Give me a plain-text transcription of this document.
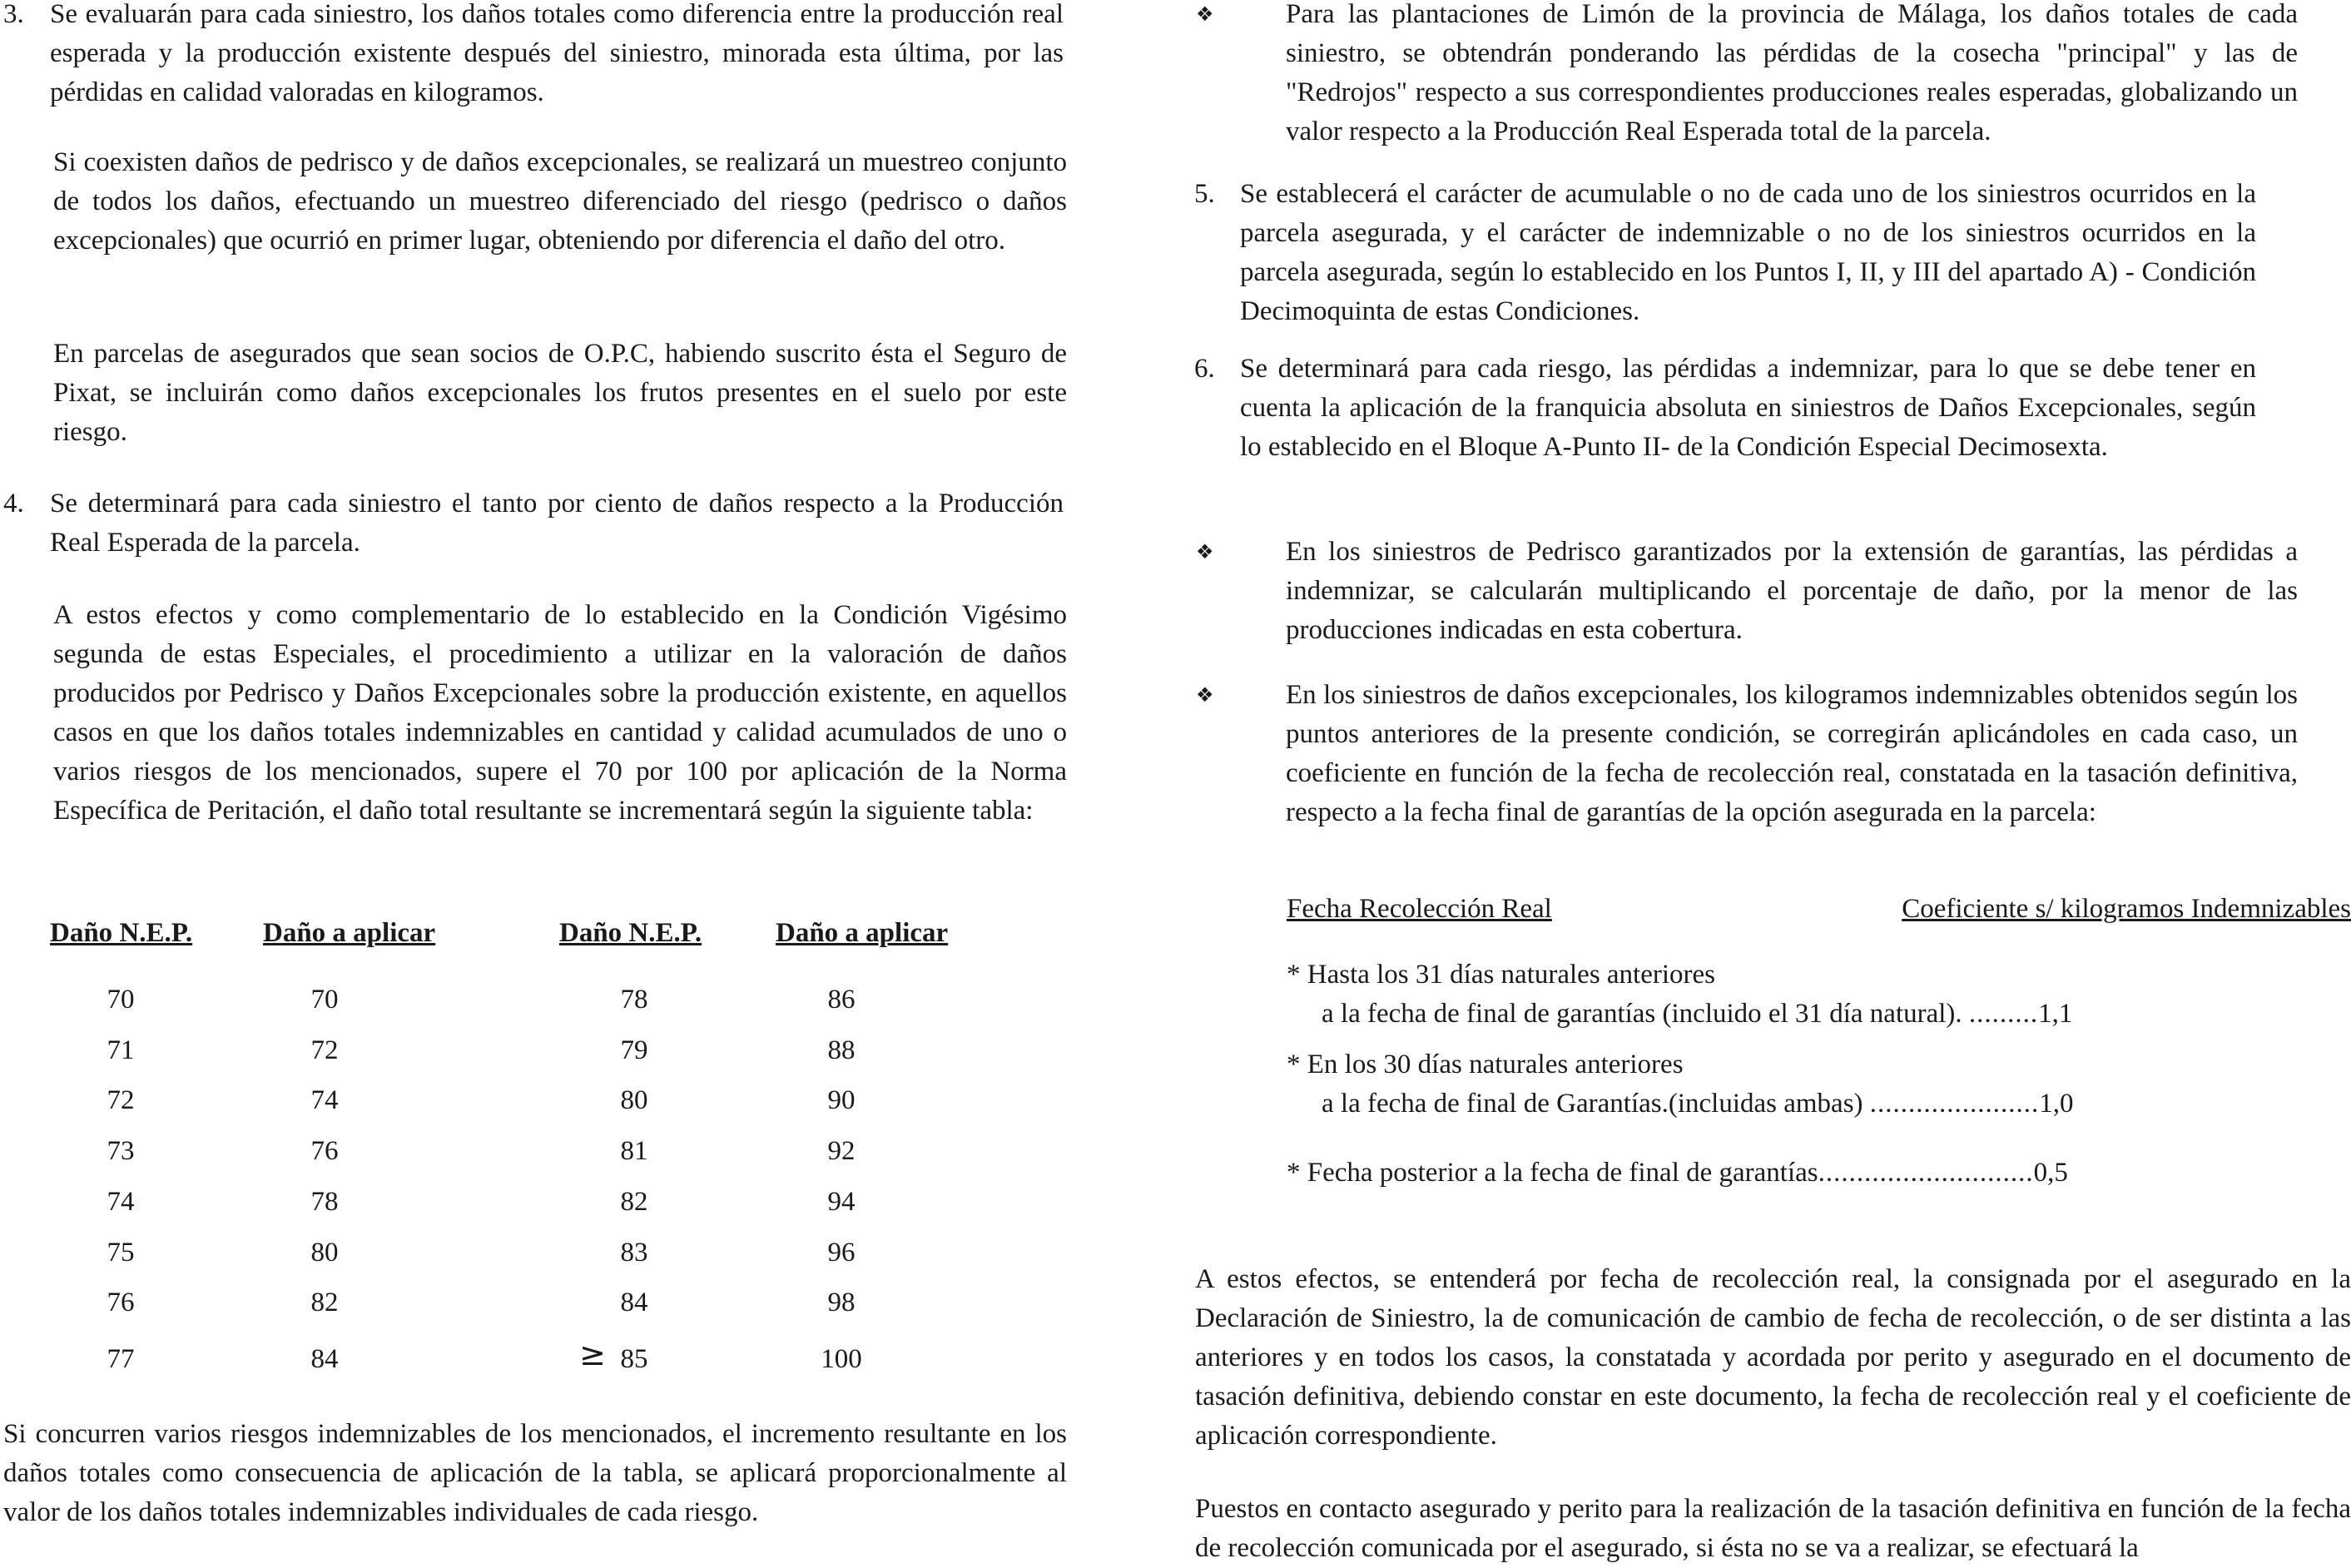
3. Se evaluarán para cada siniestro, los daños totales como diferencia entre la producción real esperada y la producción existente después del siniestro, minorada esta última, por las pérdidas en calidad valoradas en kilogramos.

Si coexisten daños de pedrisco y de daños excepcionales, se realizará un muestreo conjunto de todos los daños, efectuando un muestreo diferenciado del riesgo (pedrisco o daños excepcionales) que ocurrió en primer lugar, obteniendo por diferencia el daño del otro.

En parcelas de asegurados que sean socios de O.P.C, habiendo suscrito ésta el Seguro de Pixat, se incluirán como daños excepcionales los frutos presentes en el suelo por este riesgo.

4. Se determinará para cada siniestro el tanto por ciento de daños respecto a la Producción Real Esperada de la parcela.

A estos efectos y como complementario de lo establecido en la Condición Vigésimo segunda de estas Especiales, el procedimiento a utilizar en la valoración de daños producidos por Pedrisco y Daños Excepcionales sobre la producción existente, en aquellos casos en que los daños totales indemnizables en cantidad y calidad acumulados de uno o varios riesgos de los mencionados, supere el 70 por 100 por aplicación de la Norma Específica de Peritación, el daño total resultante se incrementará según la siguiente tabla:

Daño N.E.P.	Daño a aplicar	Daño N.E.P.	Daño a aplicar
70	70	78	86
71	72	79	88
72	74	80	90
73	76	81	92
74	78	82	94
75	80	83	96
76	82	84	98
77	84	85	100
≥

Si concurren varios riesgos indemnizables de los mencionados, el incremento resultante en los daños totales como consecuencia de aplicación de la tabla, se aplicará proporcionalmente al valor de los daños totales indemnizables individuales de cada riesgo.

❖	Para las plantaciones de Limón de la provincia de Málaga, los daños totales de cada siniestro, se obtendrán ponderando las pérdidas de la cosecha "principal" y las de "Redrojos" respecto a sus correspondientes producciones reales esperadas, globalizando un valor respecto a la Producción Real Esperada total de la parcela.

5. Se establecerá el carácter de acumulable o no de cada uno de los siniestros ocurridos en la parcela asegurada, y el carácter de indemnizable o no de los siniestros ocurridos en la parcela asegurada, según lo establecido en los Puntos I, II, y III del apartado A) - Condición Decimoquinta de estas Condiciones.

6. Se determinará para cada riesgo, las pérdidas a indemnizar, para lo que se debe tener en cuenta la aplicación de la franquicia absoluta en siniestros de Daños Excepcionales, según lo establecido en el Bloque A-Punto II- de la Condición Especial Decimosexta.

❖	En los siniestros de Pedrisco garantizados por la extensión de garantías, las pérdidas a indemnizar, se calcularán multiplicando el porcentaje de daño, por la menor de las producciones indicadas en esta cobertura.

❖	En los siniestros de daños excepcionales, los kilogramos indemnizables obtenidos según los puntos anteriores de la presente condición, se corregirán aplicándoles en cada caso, un coeficiente en función de la fecha de recolección real, constatada en la tasación definitiva, respecto a la fecha final de garantías de la opción asegurada en la parcela:

Fecha Recolección Real	Coeficiente s/ kilogramos Indemnizables
* Hasta los 31 días naturales anteriores
a la fecha de final de garantías (incluido el 31 día natural). .........1,1
* En los 30 días naturales anteriores
a la fecha de final de Garantías.(incluidas ambas) ......................1,0
* Fecha posterior a la fecha de final de garantías............................0,5

A estos efectos, se entenderá por fecha de recolección real, la consignada por el asegurado en la Declaración de Siniestro, la de comunicación de cambio de fecha de recolección, o de ser distinta a las anteriores y en todos los casos, la constatada y acordada por perito y asegurado en el documento de tasación definitiva, debiendo constar en este documento, la fecha de recolección real y el coeficiente de aplicación correspondiente.

Puestos en contacto asegurado y perito para la realización de la tasación definitiva en función de la fecha de recolección comunicada por el asegurado, si ésta no se va a realizar, se efectuará la
